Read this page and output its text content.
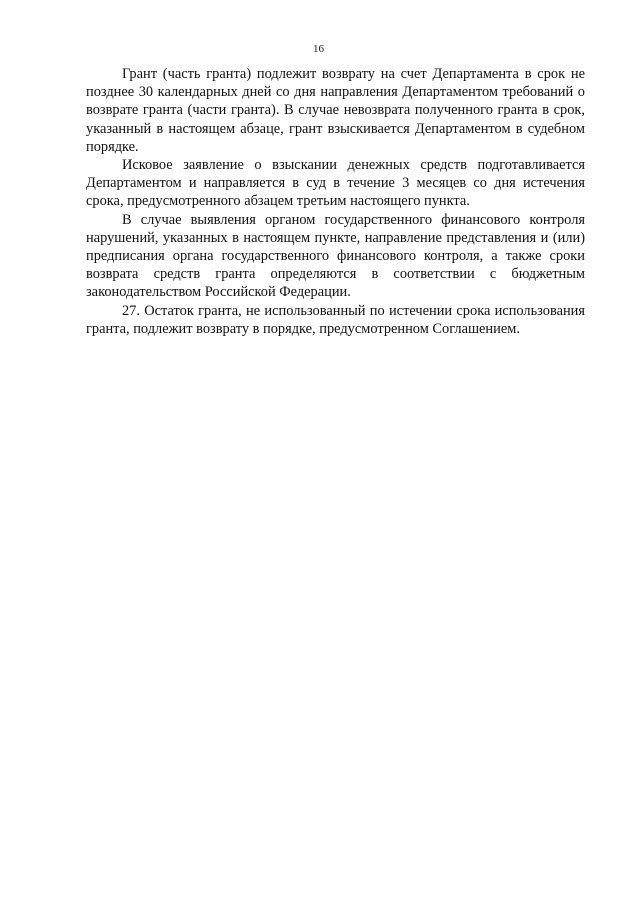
16

Грант (часть гранта) подлежит возврату на счет Департамента в срок не позднее 30 календарных дней со дня направления Департаментом требований о возврате гранта (части гранта). В случае невозврата полученного гранта в срок, указанный в настоящем абзаце, грант взыскивается Департаментом в судебном порядке.

Исковое заявление о взыскании денежных средств подготавливается Департаментом и направляется в суд в течение 3 месяцев со дня истечения срока, предусмотренного абзацем третьим настоящего пункта.

В случае выявления органом государственного финансового контроля нарушений, указанных в настоящем пункте, направление представления и (или) предписания органа государственного финансового контроля, а также сроки возврата средств гранта определяются в соответствии с бюджетным законодательством Российской Федерации.

27. Остаток гранта, не использованный по истечении срока использования гранта, подлежит возврату в порядке, предусмотренном Соглашением.
